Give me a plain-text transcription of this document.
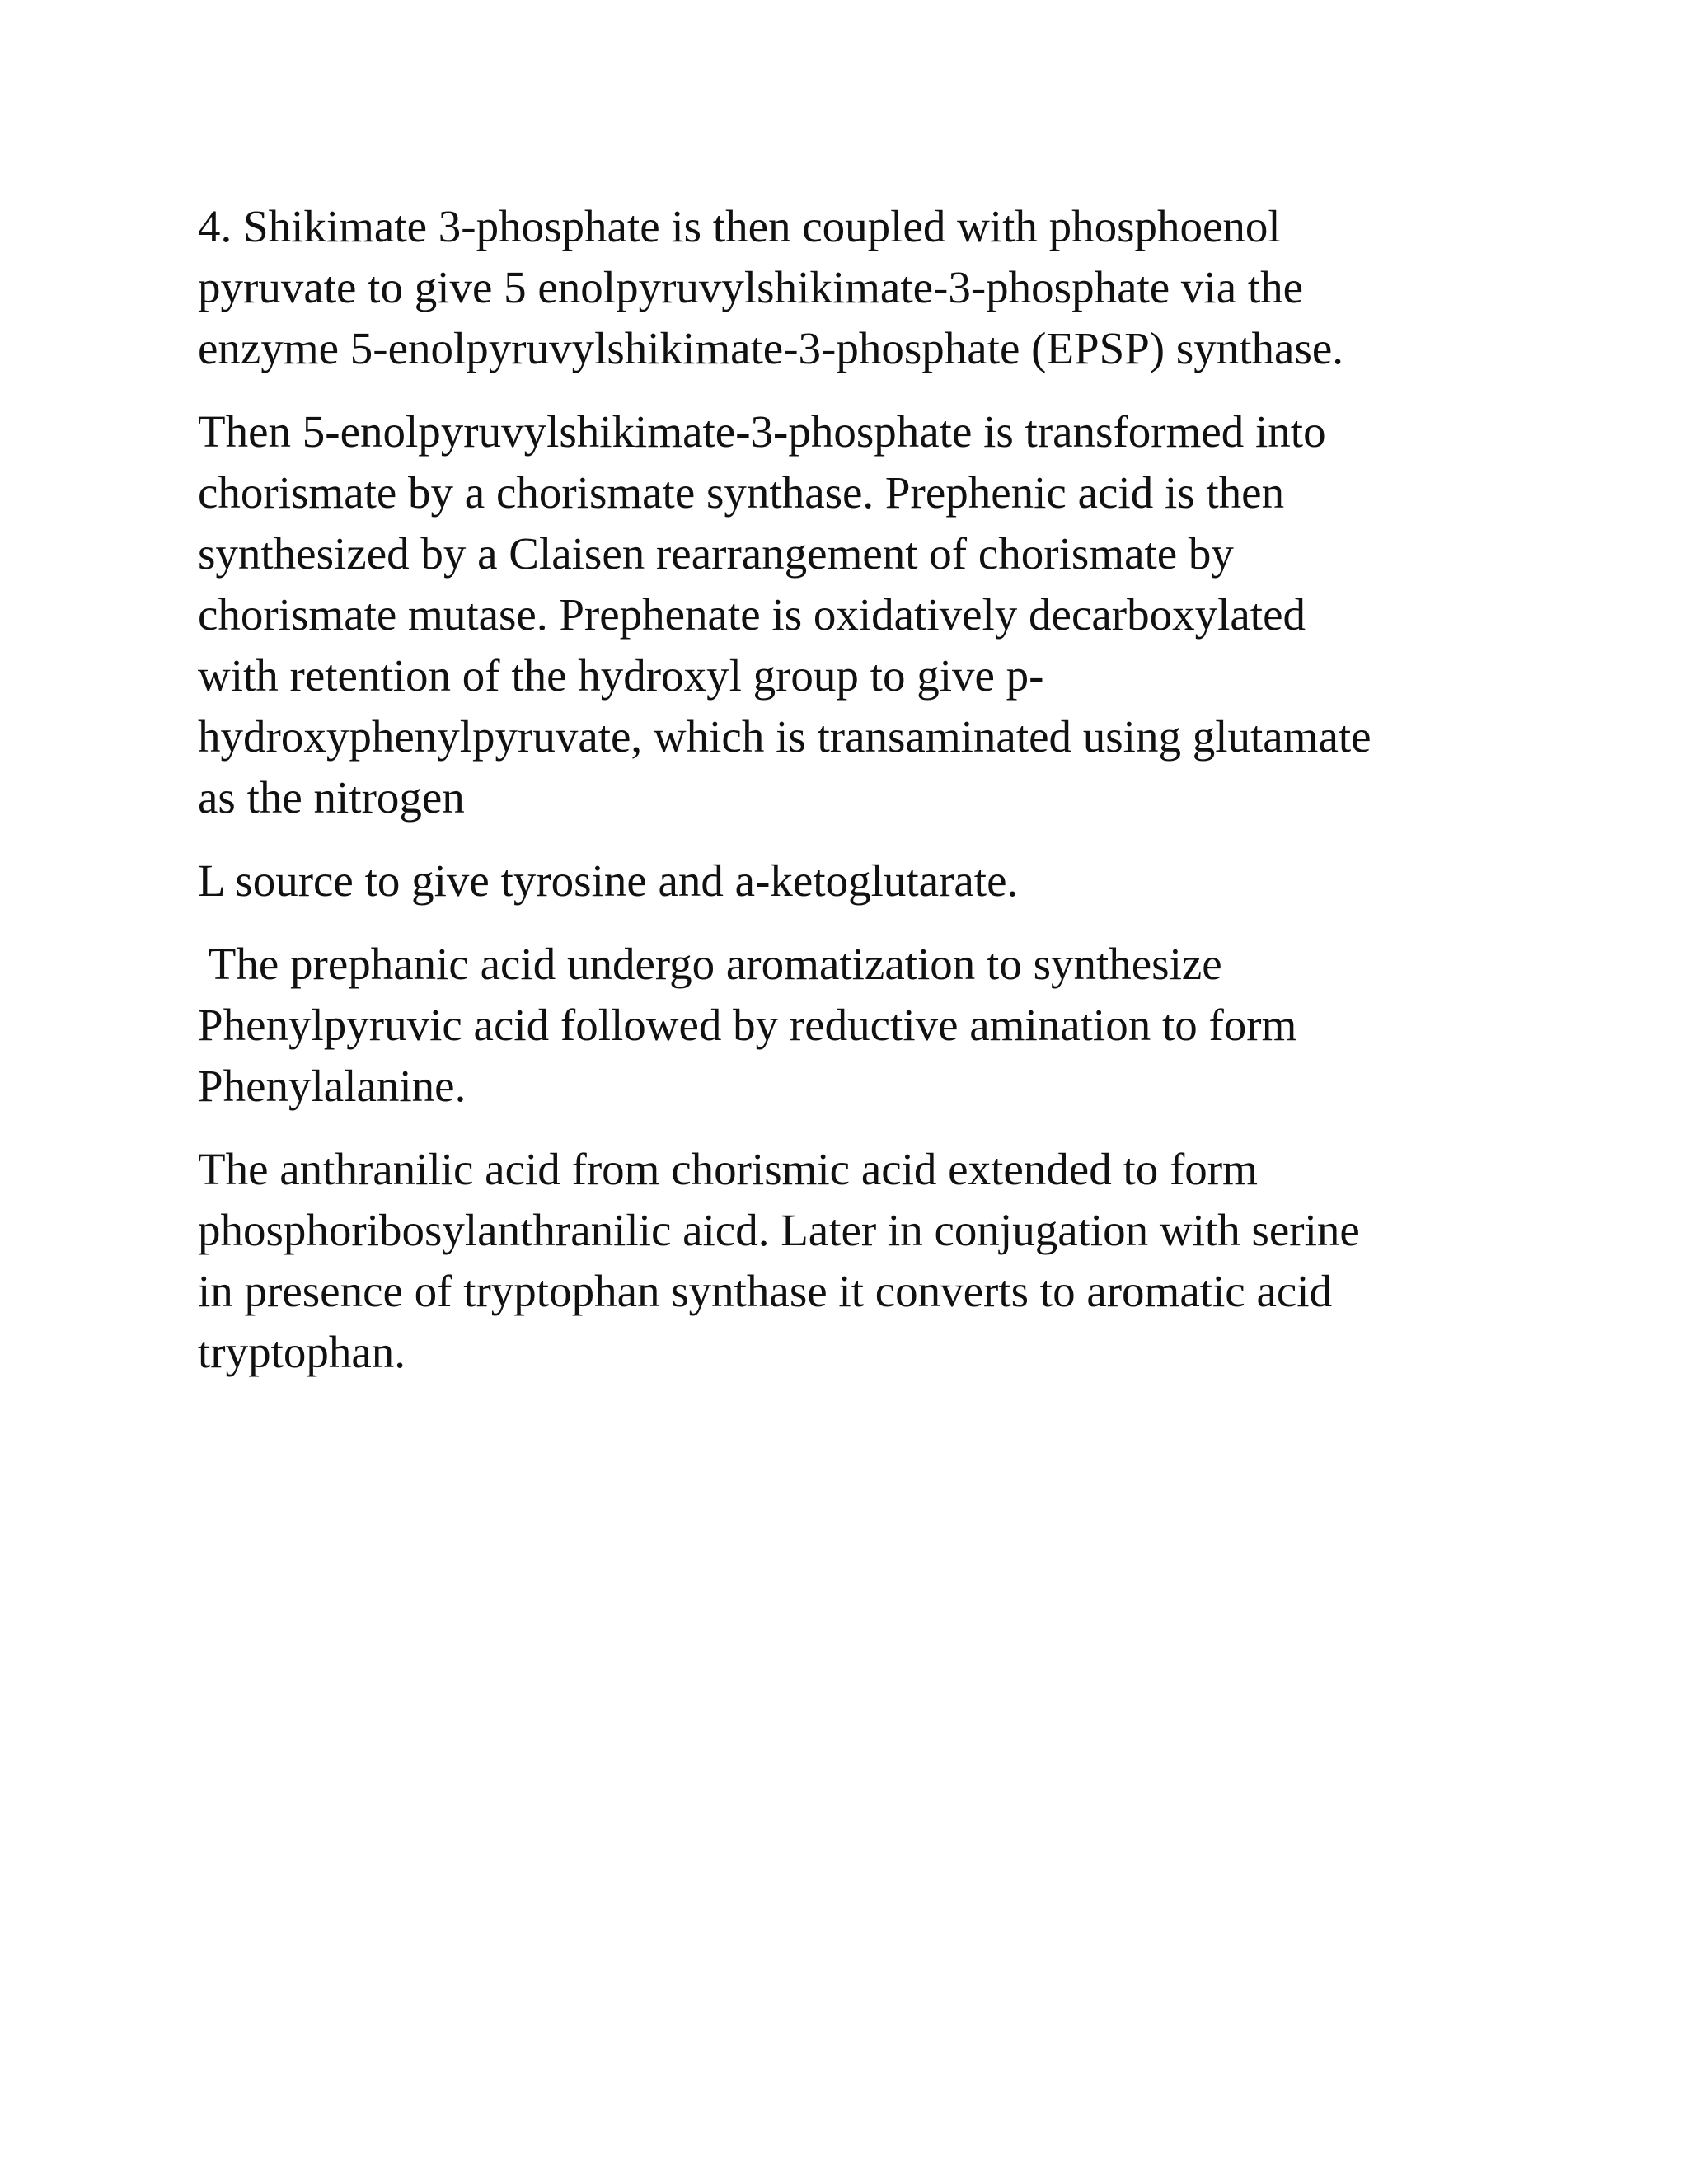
4. Shikimate 3-phosphate is then coupled with phosphoenol
pyruvate to give 5 enolpyruvylshikimate-3-phosphate via the
enzyme 5-enolpyruvylshikimate-3-phosphate (EPSP) synthase.
Then 5-enolpyruvylshikimate-3-phosphate is transformed into
chorismate by a chorismate synthase. Prephenic acid is then
synthesized by a Claisen rearrangement of chorismate by
chorismate mutase. Prephenate is oxidatively decarboxylated
with retention of the hydroxyl group to give p-
hydroxyphenylpyruvate, which is transaminated using glutamate
as the nitrogen
L source to give tyrosine and a-ketoglutarate.
The prephanic acid undergo aromatization to synthesize
Phenylpyruvic acid followed by reductive amination to form
Phenylalanine.
The anthranilic acid from chorismic acid extended to form
phosphoribosylanthranilic aicd. Later in conjugation with serine
in presence of tryptophan synthase it converts to aromatic acid
tryptophan.
